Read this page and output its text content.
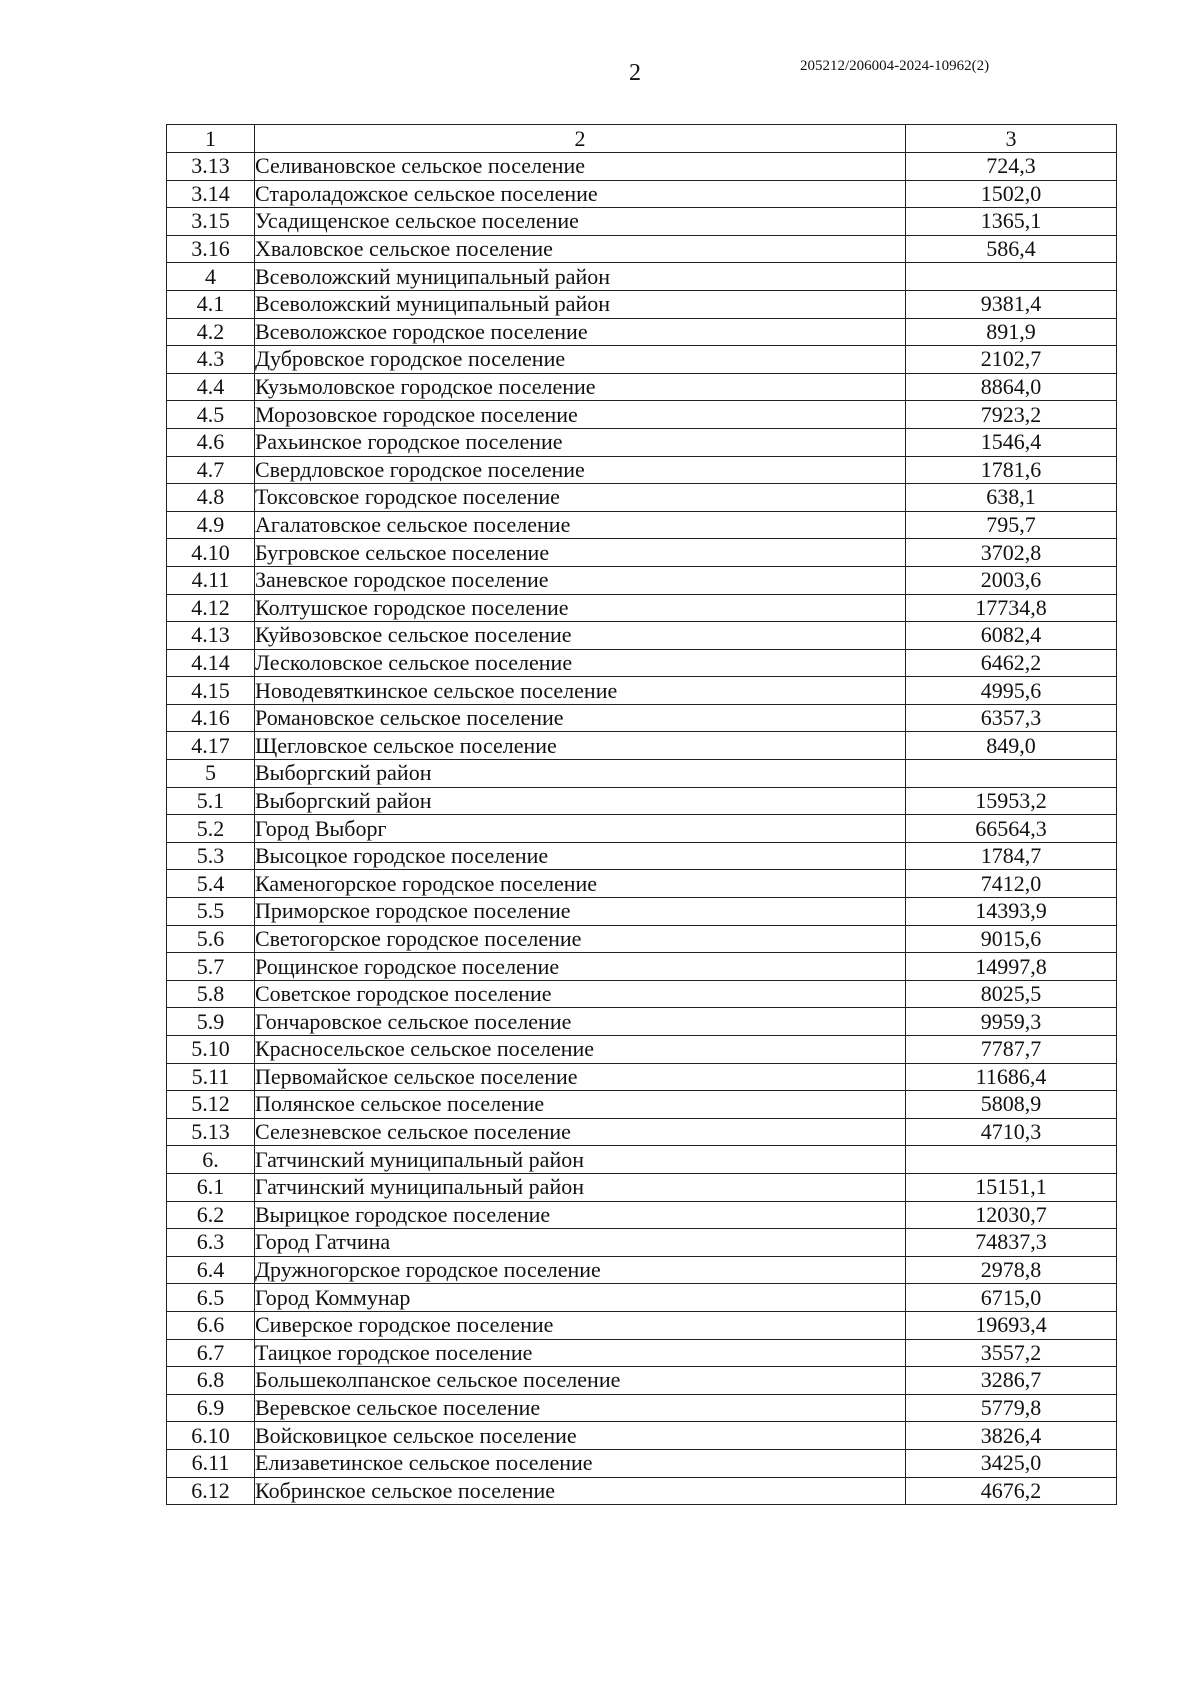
2	205212/206004-2024-10962(2)
1	2	3
3.13	Селивановское сельское поселение	724,3
3.14	Староладожское сельское поселение	1502,0
3.15	Усадищенское сельское поселение	1365,1
3.16	Хваловское сельское поселение	586,4
4	Всеволожский муниципальный район	
4.1	Всеволожский муниципальный район	9381,4
4.2	Всеволожское городское поселение	891,9
4.3	Дубровское городское поселение	2102,7
4.4	Кузьмоловское городское поселение	8864,0
4.5	Морозовское городское поселение	7923,2
4.6	Рахьинское городское поселение	1546,4
4.7	Свердловское городское поселение	1781,6
4.8	Токсовское городское поселение	638,1
4.9	Агалатовское сельское поселение	795,7
4.10	Бугровское сельское поселение	3702,8
4.11	Заневское городское поселение	2003,6
4.12	Колтушское городское поселение	17734,8
4.13	Куйвозовское сельское поселение	6082,4
4.14	Лесколовское сельское поселение	6462,2
4.15	Новодевяткинское сельское поселение	4995,6
4.16	Романовское сельское поселение	6357,3
4.17	Щегловское сельское поселение	849,0
5	Выборгский район	
5.1	Выборгский район	15953,2
5.2	Город Выборг	66564,3
5.3	Высоцкое городское поселение	1784,7
5.4	Каменогорское городское поселение	7412,0
5.5	Приморское городское поселение	14393,9
5.6	Светогорское городское поселение	9015,6
5.7	Рощинское городское поселение	14997,8
5.8	Советское городское поселение	8025,5
5.9	Гончаровское сельское поселение	9959,3
5.10	Красносельское сельское поселение	7787,7
5.11	Первомайское сельское поселение	11686,4
5.12	Полянское сельское поселение	5808,9
5.13	Селезневское сельское поселение	4710,3
6.	Гатчинский муниципальный район	
6.1	Гатчинский муниципальный район	15151,1
6.2	Вырицкое городское поселение	12030,7
6.3	Город Гатчина	74837,3
6.4	Дружногорское городское поселение	2978,8
6.5	Город Коммунар	6715,0
6.6	Сиверское городское поселение	19693,4
6.7	Таицкое городское поселение	3557,2
6.8	Большеколпанское сельское поселение	3286,7
6.9	Веревское сельское поселение	5779,8
6.10	Войсковицкое сельское поселение	3826,4
6.11	Елизаветинское сельское поселение	3425,0
6.12	Кобринское сельское поселение	4676,2
